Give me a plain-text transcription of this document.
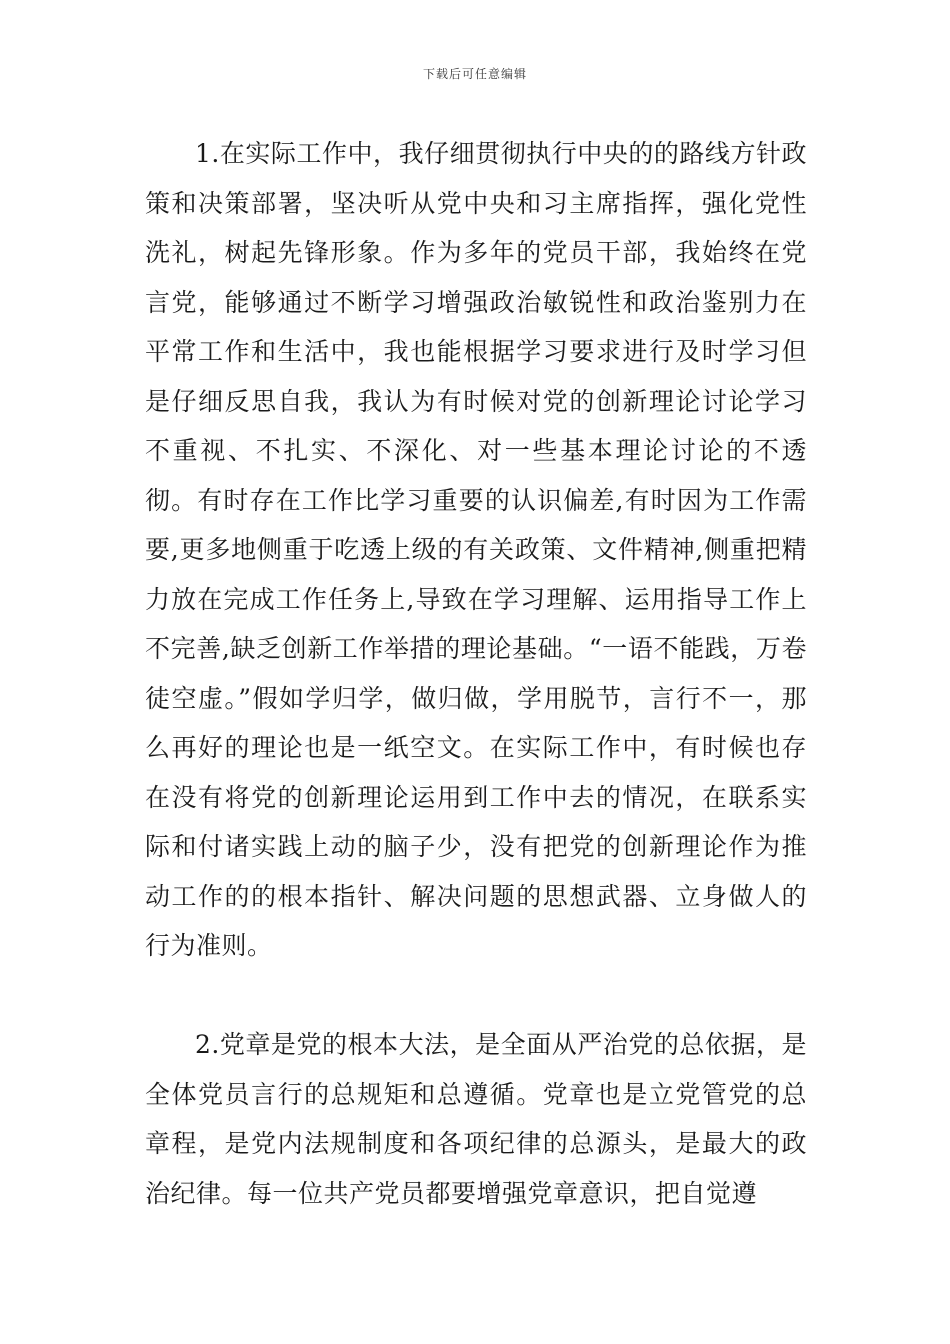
下载后可任意编辑

1.在实际工作中，我仔细贯彻执行中央的的路线方针政策和决策部署，坚决听从党中央和习主席指挥，强化党性洗礼，树起先锋形象。作为多年的党员干部，我始终在党言党，能够通过不断学习增强政治敏锐性和政治鉴别力在平常工作和生活中，我也能根据学习要求进行及时学习但是仔细反思自我，我认为有时候对党的创新理论讨论学习不重视、不扎实、不深化、对一些基本理论讨论的不透彻。有时存在工作比学习重要的认识偏差,有时因为工作需要,更多地侧重于吃透上级的有关政策、文件精神,侧重把精力放在完成工作任务上,导致在学习理解、运用指导工作上不完善,缺乏创新工作举措的理论基础。“一语不能践，万卷徒空虚。”假如学归学，做归做，学用脱节，言行不一，那么再好的理论也是一纸空文。在实际工作中，有时候也存在没有将党的创新理论运用到工作中去的情况，在联系实际和付诸实践上动的脑子少，没有把党的创新理论作为推动工作的的根本指针、解决问题的思想武器、立身做人的行为准则。

2.党章是党的根本大法，是全面从严治党的总依据，是全体党员言行的总规矩和总遵循。党章也是立党管党的总章程，是党内法规制度和各项纪律的总源头，是最大的政治纪律。每一位共产党员都要增强党章意识，把自觉遵
